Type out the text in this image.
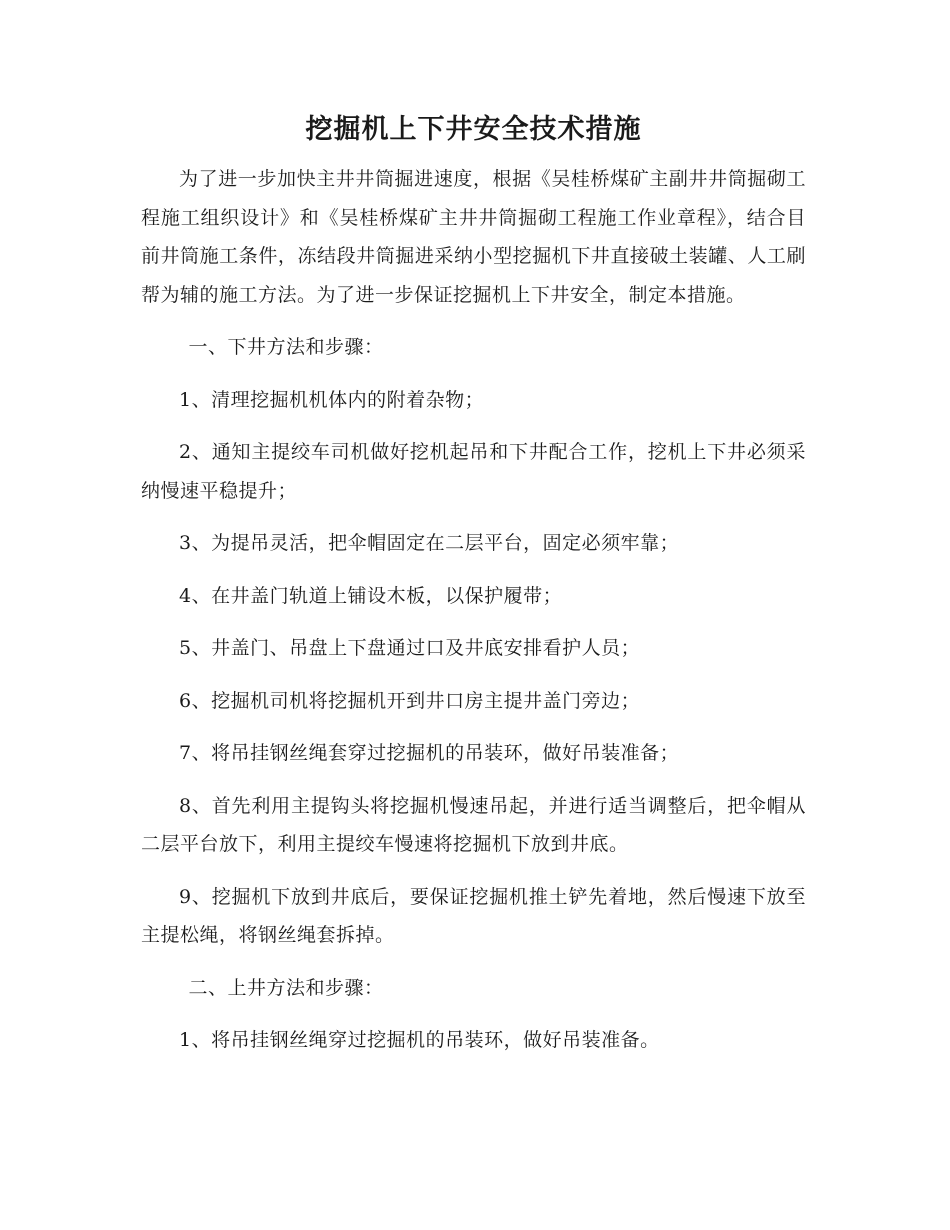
挖掘机上下井安全技术措施

为了进一步加快主井井筒掘进速度，根据《吴桂桥煤矿主副井井筒掘砌工程施工组织设计》和《吴桂桥煤矿主井井筒掘砌工程施工作业章程》，结合目前井筒施工条件，冻结段井筒掘进采纳小型挖掘机下井直接破土装罐、人工刷帮为辅的施工方法。为了进一步保证挖掘机上下井安全，制定本措施。

一、下井方法和步骤：

1、清理挖掘机机体内的附着杂物；

2、通知主提绞车司机做好挖机起吊和下井配合工作，挖机上下井必须采纳慢速平稳提升；

3、为提吊灵活，把伞帽固定在二层平台，固定必须牢靠；

4、在井盖门轨道上铺设木板，以保护履带；

5、井盖门、吊盘上下盘通过口及井底安排看护人员；

6、挖掘机司机将挖掘机开到井口房主提井盖门旁边；

7、将吊挂钢丝绳套穿过挖掘机的吊装环，做好吊装准备；

8、首先利用主提钩头将挖掘机慢速吊起，并进行适当调整后，把伞帽从二层平台放下，利用主提绞车慢速将挖掘机下放到井底。

9、挖掘机下放到井底后，要保证挖掘机推土铲先着地，然后慢速下放至主提松绳，将钢丝绳套拆掉。

二、上井方法和步骤：

1、将吊挂钢丝绳穿过挖掘机的吊装环，做好吊装准备。
